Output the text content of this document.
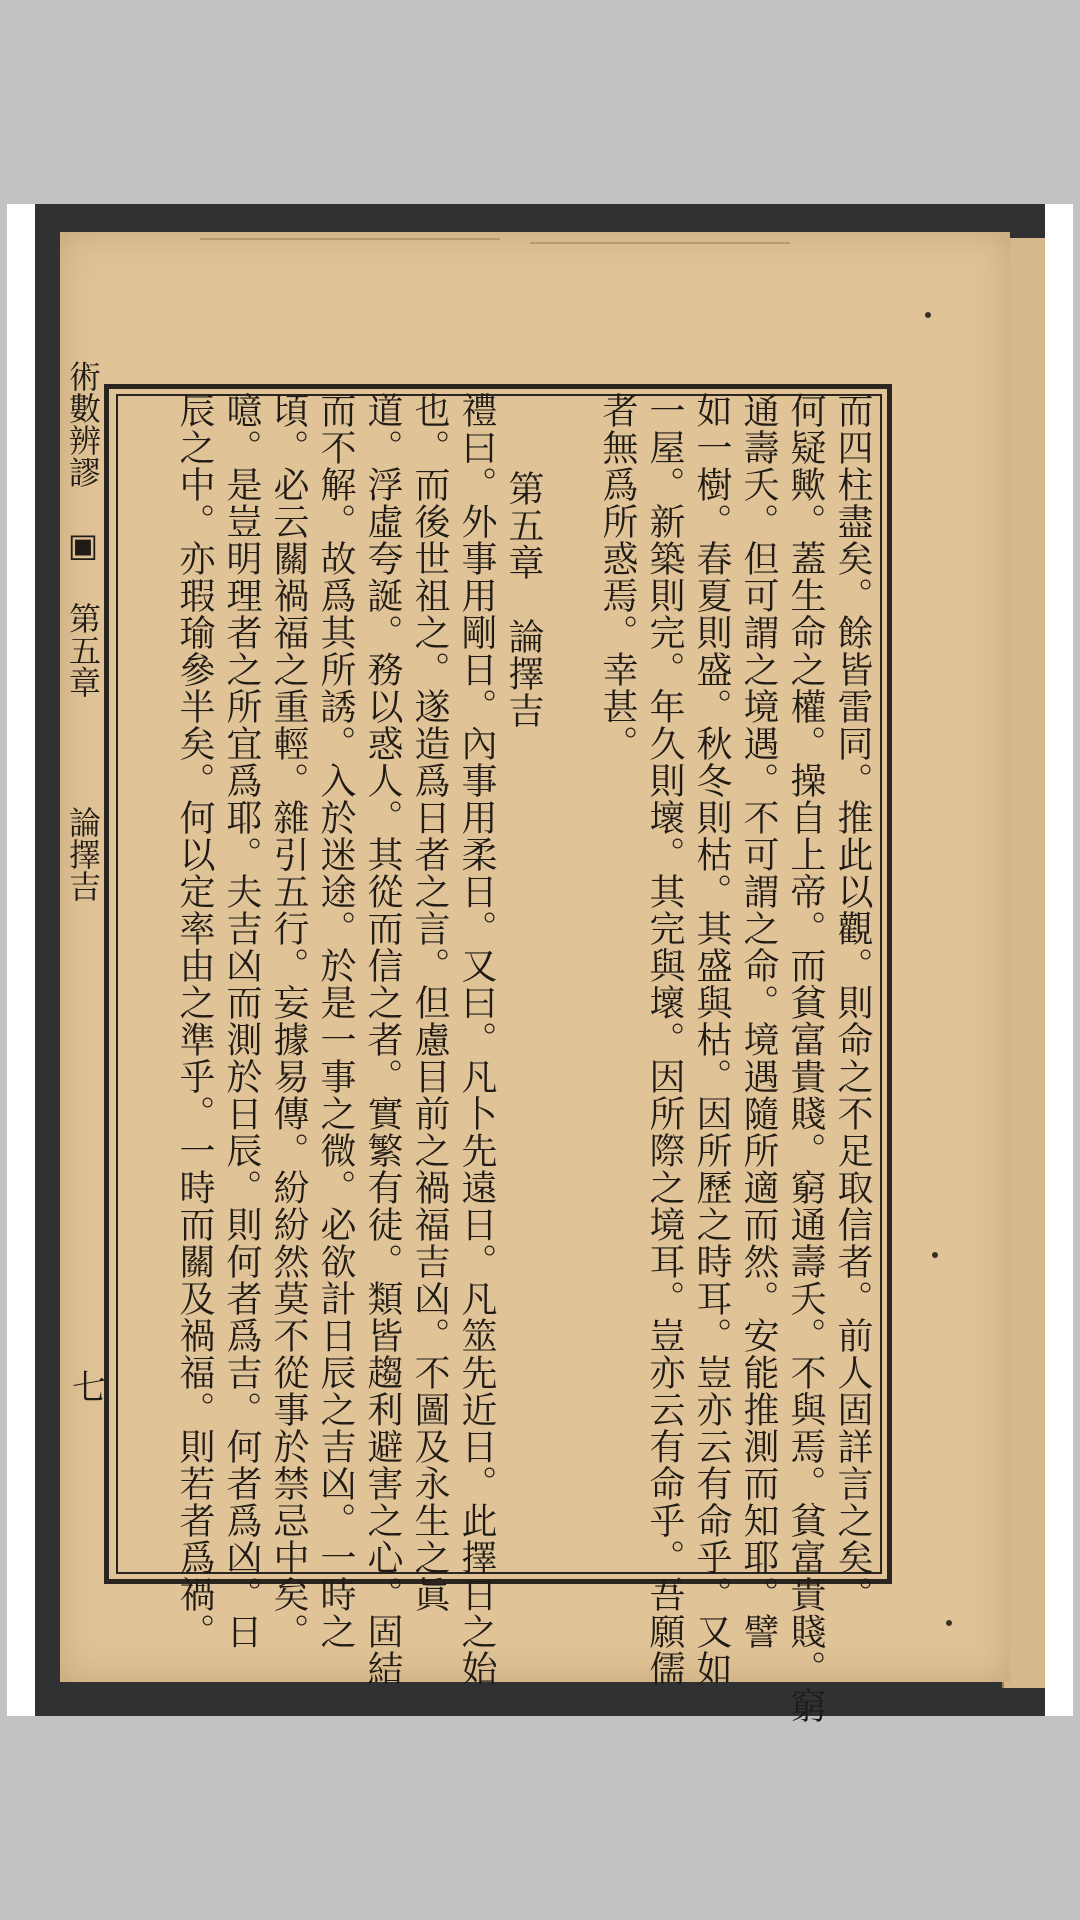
而四柱盡矣。餘皆雷同。推此以觀。則命之不足取信者。前人固詳言之矣。
何疑歟。蓋生命之權。操自上帝。而貧富貴賤。窮通壽夭。不與焉。貧富貴賤。窮
通壽夭。但可謂之境遇。不可謂之命。境遇隨所適而然。安能推測而知耶。譬
如一樹。春夏則盛。秋冬則枯。其盛與枯。因所歷之時耳。豈亦云有命乎。又如
一屋。新築則完。年久則壞。其完與壞。因所際之境耳。豈亦云有命乎。吾願儒
者無爲所惑焉。幸甚。
第五章　論擇吉
禮曰。外事用剛日。內事用柔日。又曰。凡卜先遠日。凡筮先近日。此擇日之始
也。而後世祖之。遂造爲日者之言。但慮目前之禍福吉凶。不圖及永生之眞
道。浮虛夸誕。務以惑人。其從而信之者。實繁有徒。類皆趨利避害之心。固結
而不解。故爲其所誘。入於迷途。於是一事之微。必欲計日辰之吉凶。一時之
頃。必云關禍福之重輕。雜引五行。妄據易傳。紛紛然莫不從事於禁忌中矣。
噫。是豈明理者之所宜爲耶。夫吉凶而測於日辰。則何者爲吉。何者爲凶。日
辰之中。亦瑕瑜參半矣。何以定率由之準乎。一時而關及禍福。則若者爲禍。
術數辨謬 ▣ 第五章 　 論擇吉
七
